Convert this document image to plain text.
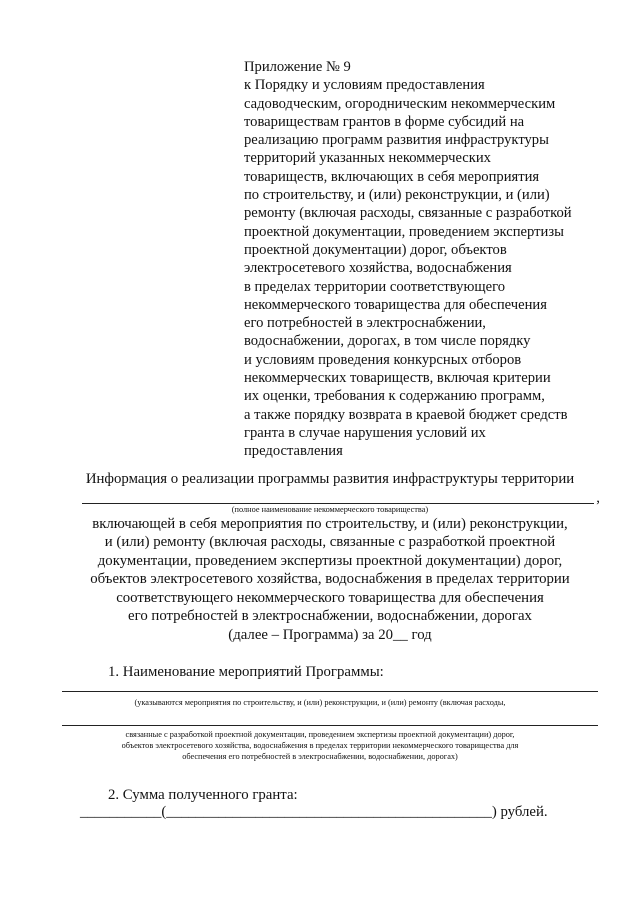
Приложение № 9
к Порядку и условиям предоставления
садоводческим, огородническим некоммерческим
товариществам грантов в форме субсидий на
реализацию программ развития инфраструктуры
территорий указанных некоммерческих
товариществ, включающих в себя мероприятия
по строительству, и (или) реконструкции, и (или)
ремонту (включая расходы, связанные с разработкой
проектной документации, проведением экспертизы
проектной документации) дорог, объектов
электросетевого хозяйства, водоснабжения
в пределах территории соответствующего
некоммерческого товарищества для обеспечения
его потребностей в электроснабжении,
водоснабжении, дорогах, в том числе порядку
и условиям проведения конкурсных отборов
некоммерческих товариществ, включая критерии
их оценки, требования к содержанию программ,
а также порядку возврата в краевой бюджет средств
гранта в случае нарушения условий их
предоставления
Информация о реализации программы развития инфраструктуры территории
,
(полное наименование некоммерческого товарищества)
включающей в себя мероприятия по строительству, и (или) реконструкции,
и (или) ремонту (включая расходы, связанные с разработкой проектной
документации, проведением экспертизы проектной документации) дорог,
объектов электросетевого хозяйства, водоснабжения в пределах территории
соответствующего некоммерческого товарищества для обеспечения
его потребностей в электроснабжении, водоснабжении, дорогах
(далее – Программа) за 20__ год
1. Наименование мероприятий Программы:
(указываются мероприятия по строительству, и (или) реконструкции, и (или) ремонту (включая расходы,
связанные с разработкой проектной документации, проведением экспертизы проектной документации) дорог,
объектов электросетевого хозяйства, водоснабжения в пределах территории некоммерческого товарищества для
обеспечения его потребностей в электроснабжении, водоснабжении, дорогах)
2. Сумма полученного гранта:
___________(____________________________________________) рублей.
